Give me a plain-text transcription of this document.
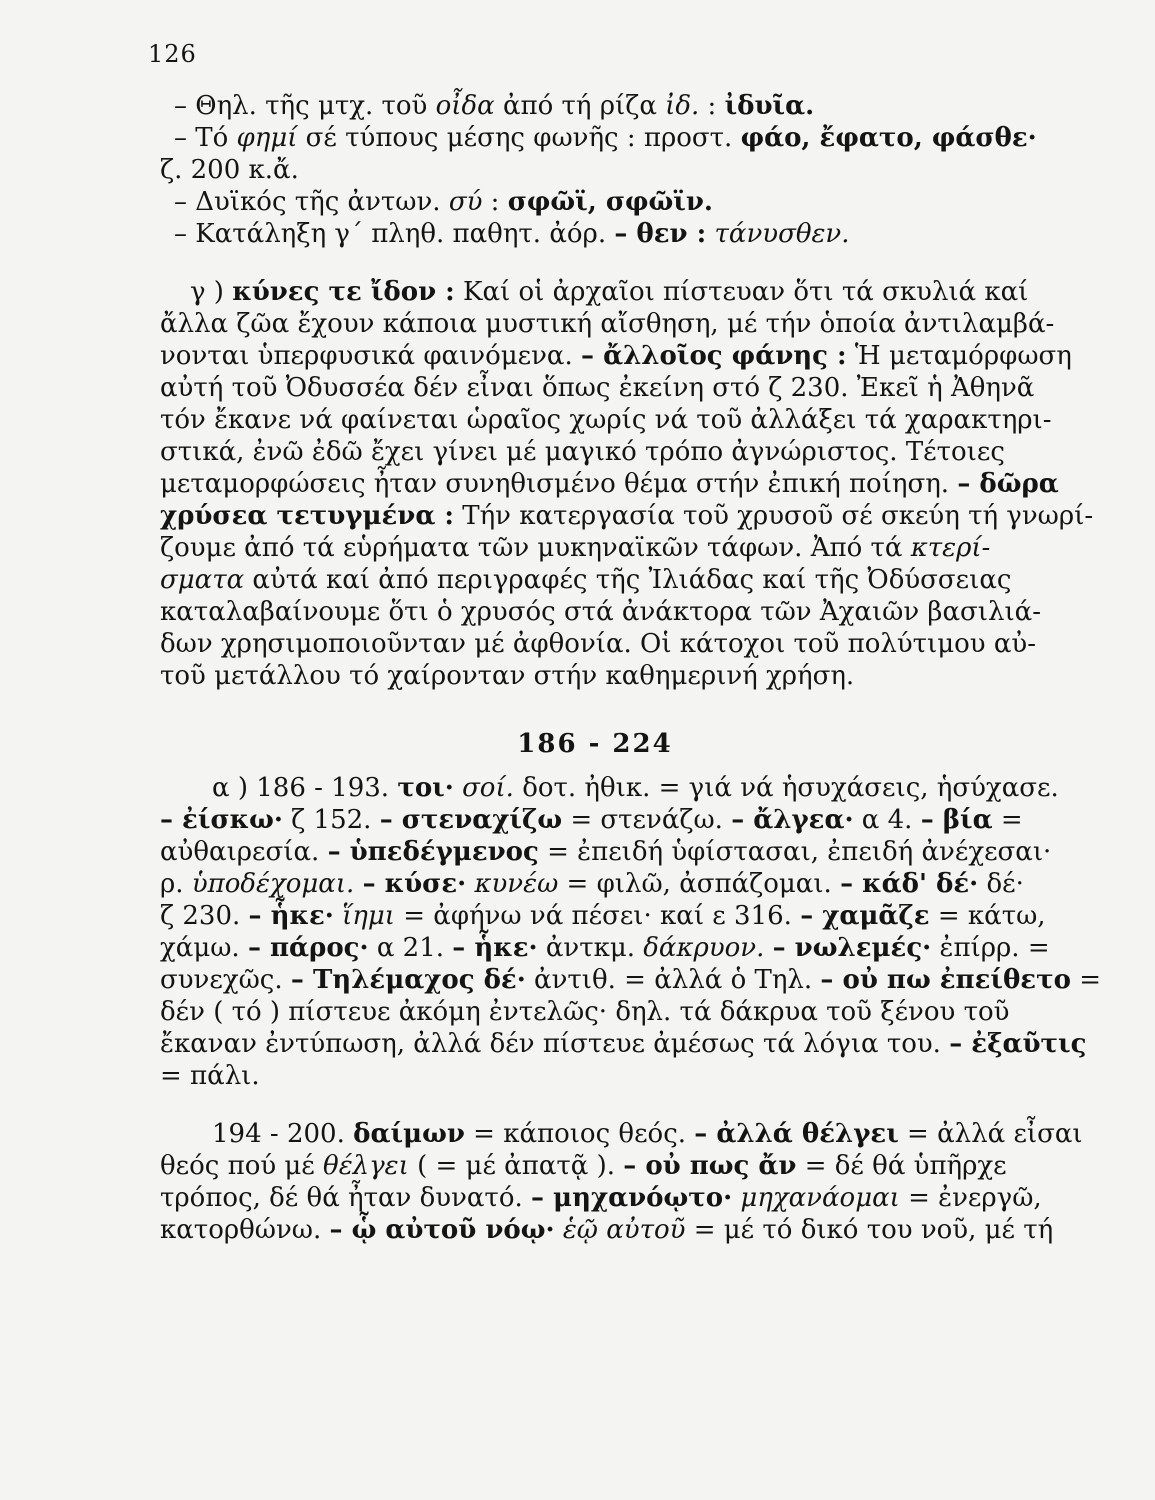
126
– Θηλ. τῆς μτχ. τοῦ οἶδα ἀπό τή ρίζα ἰδ. : ἰδυῖα.
– Τό φημί σέ τύπους μέσης φωνῆς : προστ. φάο, ἔφατο, φάσθε·
ζ. 200 κ.ἄ.
– Δυϊκός τῆς ἀντων. σύ : σφῶϊ, σφῶϊν.
– Κατάληξη γ΄ πληθ. παθητ. ἀόρ. – θεν : τάνυσθεν.
γ ) κύνες τε ἴδον : Καί οἱ ἀρχαῖοι πίστευαν ὅτι τά σκυλιά καί
ἄλλα ζῶα ἔχουν κάποια μυστική αἴσθηση, μέ τήν ὁποία ἀντιλαμβά-
νονται ὑπερφυσικά φαινόμενα. – ἄλλοῖος φάνης : Ἡ μεταμόρφωση
αὐτή τοῦ Ὀδυσσέα δέν εἶναι ὅπως ἐκείνη στό ζ 230. Ἐκεῖ ἡ Ἀθηνᾶ
τόν ἔκανε νά φαίνεται ὡραῖος χωρίς νά τοῦ ἀλλάξει τά χαρακτηρι-
στικά, ἐνῶ ἐδῶ ἔχει γίνει μέ μαγικό τρόπο ἀγνώριστος. Τέτοιες
μεταμορφώσεις ἦταν συνηθισμένο θέμα στήν ἐπική ποίηση. – δῶρα
χρύσεα τετυγμένα : Τήν κατεργασία τοῦ χρυσοῦ σέ σκεύη τή γνωρί-
ζουμε ἀπό τά εὑρήματα τῶν μυκηναϊκῶν τάφων. Ἀπό τά κτερί-
σματα αὐτά καί ἀπό περιγραφές τῆς Ἰλιάδας καί τῆς Ὀδύσσειας
καταλαβαίνουμε ὅτι ὁ χρυσός στά ἀνάκτορα τῶν Ἀχαιῶν βασιλιά-
δων χρησιμοποιοῦνταν μέ ἀφθονία. Οἱ κάτοχοι τοῦ πολύτιμου αὐ-
τοῦ μετάλλου τό χαίρονταν στήν καθημερινή χρήση.
186 - 224
α ) 186 - 193. τοι· σοί. δοτ. ἠθικ. = γιά νά ἡσυχάσεις, ἡσύχασε.
– ἐίσκω· ζ 152. – στεναχίζω = στενάζω. – ἄλγεα· α 4. – βία =
αὐθαιρεσία. – ὑπεδέγμενος = ἐπειδή ὑφίστασαι, ἐπειδή ἀνέχεσαι·
ρ. ὑποδέχομαι. – κύσε· κυνέω = φιλῶ, ἀσπάζομαι. – κάδ' δέ· δέ·
ζ 230. – ἧκε· ἵημι = ἀφήνω νά πέσει· καί ε 316. – χαμᾶζε = κάτω,
χάμω. – πάρος· α 21. – ἧκε· ἀντκμ. δάκρυον. – νωλεμές· ἐπίρρ. =
συνεχῶς. – Τηλέμαχος δέ· ἀντιθ. = ἀλλά ὁ Τηλ. – οὐ πω ἐπείθετο =
δέν ( τό ) πίστευε ἀκόμη ἐντελῶς· δηλ. τά δάκρυα τοῦ ξένου τοῦ
ἔκαναν ἐντύπωση, ἀλλά δέν πίστευε ἀμέσως τά λόγια του. – ἐξαῦτις
= πάλι.
194 - 200. δαίμων = κάποιος θεός. – ἀλλά θέλγει = ἀλλά εἶσαι
θεός πού μέ θέλγει ( = μέ ἀπατᾷ ). – οὐ πως ἄν = δέ θά ὑπῆρχε
τρόπος, δέ θά ἦταν δυνατό. – μηχανόῳτο· μηχανάομαι = ἐνεργῶ,
κατορθώνω. – ᾧ αὐτοῦ νόῳ· ἑῷ αὐτοῦ = μέ τό δικό του νοῦ, μέ τή
